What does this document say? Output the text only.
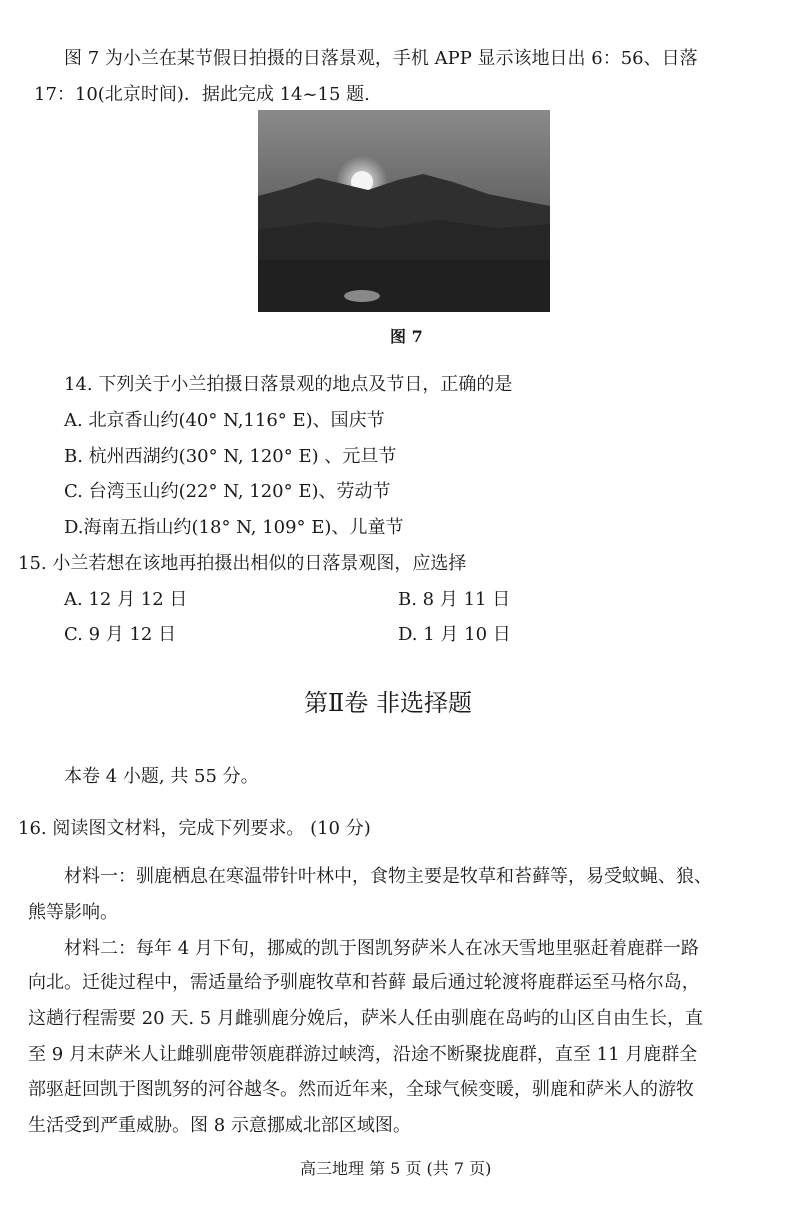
图 7 为小兰在某节假日拍摄的日落景观，手机 APP 显示该地日出 6：56、日落
17：10(北京时间)．据此完成 14~15 题.
图 7
14. 下列关于小兰拍摄日落景观的地点及节日，正确的是
A. 北京香山约(40° N,116° E)、国庆节
B. 杭州西湖约(30° N, 120° E) 、元旦节
C. 台湾玉山约(22° N, 120° E)、劳动节
D.海南五指山约(18° N, 109° E)、儿童节
15. 小兰若想在该地再拍摄出相似的日落景观图，应选择
A. 12 月 12 日	B. 8 月 11 日
C. 9 月 12 日	D. 1 月 10 日
第Ⅱ卷 非选择题
本卷 4 小题, 共 55 分。
16. 阅读图文材料，完成下列要求。 (10 分)
材料一：驯鹿栖息在寒温带针叶林中，食物主要是牧草和苔藓等，易受蚊蝇、狼、
熊等影响。
材料二：每年 4 月下旬，挪威的凯于图凯努萨米人在冰天雪地里驱赶着鹿群一路
向北。迁徙过程中，需适量给予驯鹿牧草和苔藓 最后通过轮渡将鹿群运至马格尔岛，
这趟行程需要 20 天. 5 月雌驯鹿分娩后，萨米人任由驯鹿在岛屿的山区自由生长，直
至 9 月末萨米人让雌驯鹿带领鹿群游过峡湾，沿途不断聚拢鹿群，直至 11 月鹿群全
部驱赶回凯于图凯努的河谷越冬。然而近年来，全球气候变暖，驯鹿和萨米人的游牧
生活受到严重威胁。图 8 示意挪威北部区域图。
高三地理 第 5 页 (共 7 页)
